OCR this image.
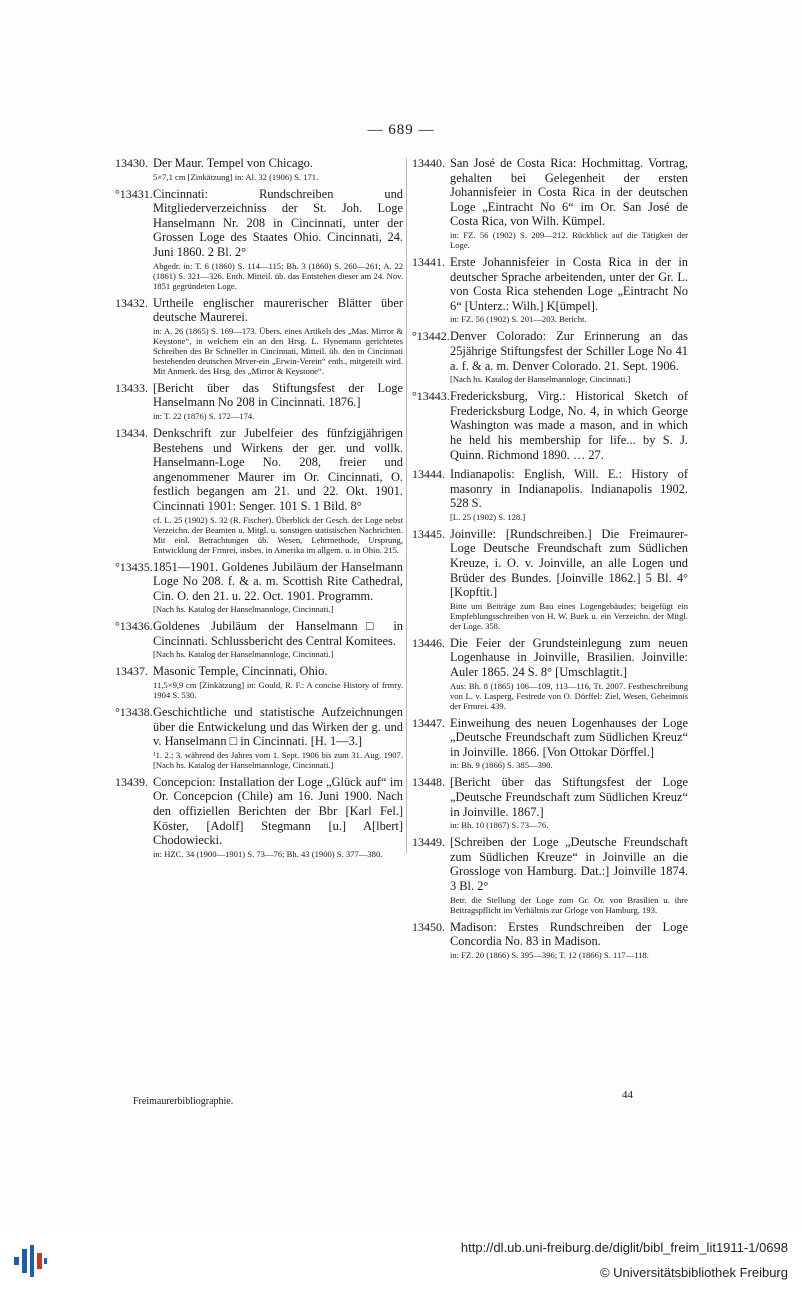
— 689 —
13430. Der Maur. Tempel von Chicago.
5×7,1 cm [Zinkätzung] in: Al. 32 (1906) S. 171.
°13431. Cincinnati: Rundschreiben und Mitgliederverzeichniss der St. Joh. Loge Hanselmann Nr. 208 in Cincinnati, unter der Grossen Loge des Staates Ohio. Cincinnati, 24. Juni 1860. 2 Bl. 2°
Abgedr. in: T. 6 (1860) S. 114—115; Bh. 3 (1860) S. 260—261; A. 22 (1861) S. 321—326. Enth. Mitteil. üb. das Entstehen dieser am 24. Nov. 1851 gegründeten Loge.
13432. Urtheile englischer maurerischer Blätter über deutsche Maurerei.
in: A. 26 (1865) S. 169—173. Übers. eines Artikels des „Mas. Mirror & Keystone“, in welchem ein an den Hrsg. L. Hynemann gerichtetes Schreiben des Br Schneller in Cincinnati, Mitteil. üb. den in Cincinnati bestehenden deutschen Mrver-ein „Erwin-Verein“ enth., mitgeteilt wird. Mit Anmerk. des Hrsg. des „Mirror & Keystone“.
13433. [Bericht über das Stiftungsfest der Loge Hanselmann No 208 in Cincinnati. 1876.]
in: T. 22 (1876) S. 172—174.
13434. Denkschrift zur Jubelfeier des fünfzigjährigen Bestehens und Wirkens der ger. und vollk. Hanselmann-Loge No. 208, freier und angenommener Maurer im Or. Cincinnati, O. festlich begangen am 21. und 22. Okt. 1901. Cincinnati 1901: Senger. 101 S. 1 Bild. 8°
cf. L. 25 (1902) S. 32 (R. Fischer). Überblick der Gesch. der Loge nebst Verzeichn. der Beamten u. Mitgl. u. sonstigen statistischen Nachrichten. Mit einl. Betrachtungen üb. Wesen, Lehrmethode, Ursprung, Entwicklung der Frmrei, insbes. in Amerika im allgem. u. in Ohio. 215.
°13435. 1851—1901. Goldenes Jubiläum der Hanselmann Loge No 208. f. & a. m. Scottish Rite Cathedral, Cin. O. den 21. u. 22. Oct. 1901. Programm.
[Nach hs. Katalog der Hanselmannloge, Cincinnati.]
°13436. Goldenes Jubiläum der Hanselmann□ in Cincinnati. Schlussbericht des Central Komitees.
[Nach hs. Katalog der Hanselmannloge, Cincinnati.]
13437. Masonic Temple, Cincinnati, Ohio.
11,5×9,9 cm [Zinkätzung] in: Gould, R. F.: A concise History of frmry. 1904 S. 530.
°13438. Geschichtliche und statistische Aufzeichnungen über die Entwickelung und das Wirken der g. und v. Hanselmann □ in Cincinnati. [H. 1—3.]
¹1. 2.; 3. während des Jahres vom 1. Sept. 1906 bis zum 31. Aug. 1907. [Nach hs. Katalog der Hanselmannloge, Cincinnati.]
13439. Concepcion: Installation der Loge „Glück auf“ im Or. Concepcion (Chile) am 16. Juni 1900. Nach den offiziellen Berichten der Bbr [Karl Fel.] Köster, [Adolf] Stegmann [u.] A[lbert] Chodowiecki.
in: HZC. 34 (1900—1901) S. 73—76; Bh. 43 (1900) S. 377—380.
13440. San José de Costa Rica: Hochmittag. Vortrag, gehalten bei Gelegenheit der ersten Johannisfeier in Costa Rica in der deutschen Loge „Eintracht No 6“ im Or. San José de Costa Rica, von Wilh. Kümpel.
in: FZ. 56 (1902) S. 209—212. Rückblick auf die Tätigkeit der Loge.
13441. Erste Johannisfeier in Costa Rica in der in deutscher Sprache arbeitenden, unter der Gr. L. von Costa Rica stehenden Loge „Eintracht No 6“ [Unterz.: Wilh.] K[ümpel].
in: FZ. 56 (1902) S. 201—203. Bericht.
°13442. Denver Colorado: Zur Erinnerung an das 25jährige Stiftungsfest der Schiller Loge No 41 a. f. & a. m. Denver Colorado. 21. Sept. 1906.
[Nach hs. Katalog der Hanselmannloge, Cincinnati.]
°13443. Fredericksburg, Virg.: Historical Sketch of Fredericksburg Lodge, No. 4, in which George Washington was made a mason, and in which he held his membership for life... by S. J. Quinn. Richmond 1890. … 27.
13444. Indianapolis: English, Will. E.: History of masonry in Indianapolis. Indianapolis 1902. 528 S.
[L. 25 (1902) S. 128.]
13445. Joinville: [Rundschreiben.] Die Freimaurer-Loge Deutsche Freundschaft zum Südlichen Kreuze, i. O. v. Joinville, an alle Logen und Brüder des Bundes. [Joinville 1862.] 5 Bl. 4° [Kopftit.]
Bitte um Beiträge zum Bau eines Logengebäudes; beigefügt ein Empfehlungsschreiben von H. W. Buek u. ein Verzeichn. der Mitgl. der Loge. 358.
13446. Die Feier der Grundsteinlegung zum neuen Logenhause in Joinville, Brasilien. Joinville: Auler 1865. 24 S. 8° [Umschlagtit.]
Aus: Bh. 8 (1865) 106—109, 113—116, Tt. 2007. Festbeschreibung von L. v. Lasperg, Festrede von O. Dörffel: Ziel, Wesen, Geheimnis der Frmrei. 439.
13447. Einweihung des neuen Logenhauses der Loge „Deutsche Freundschaft zum Südlichen Kreuz“ in Joinville. 1866. [Von Ottokar Dörffel.]
in: Bh. 9 (1866) S. 385—390.
13448. [Bericht über das Stiftungsfest der Loge „Deutsche Freundschaft zum Südlichen Kreuz“ in Joinville. 1867.]
in: Bh. 10 (1867) S. 73—76.
13449. [Schreiben der Loge „Deutsche Freundschaft zum Südlichen Kreuze“ in Joinville an die Grossloge von Hamburg. Dat.:] Joinville 1874. 3 Bl. 2°
Betr. die Stellung der Loge zum Gr. Or. von Brasilien u. ihre Beitragspflicht im Verhältnis zur Grloge von Hamburg. 193.
13450. Madison: Erstes Rundschreiben der Loge Concordia No. 83 in Madison.
in: FZ. 20 (1866) S. 395—396; T. 12 (1866) S. 117—118.
Freimaurerbibliographie.
44
http://dl.ub.uni-freiburg.de/diglit/bibl_freim_lit1911-1/0698
© Universitätsbibliothek Freiburg
